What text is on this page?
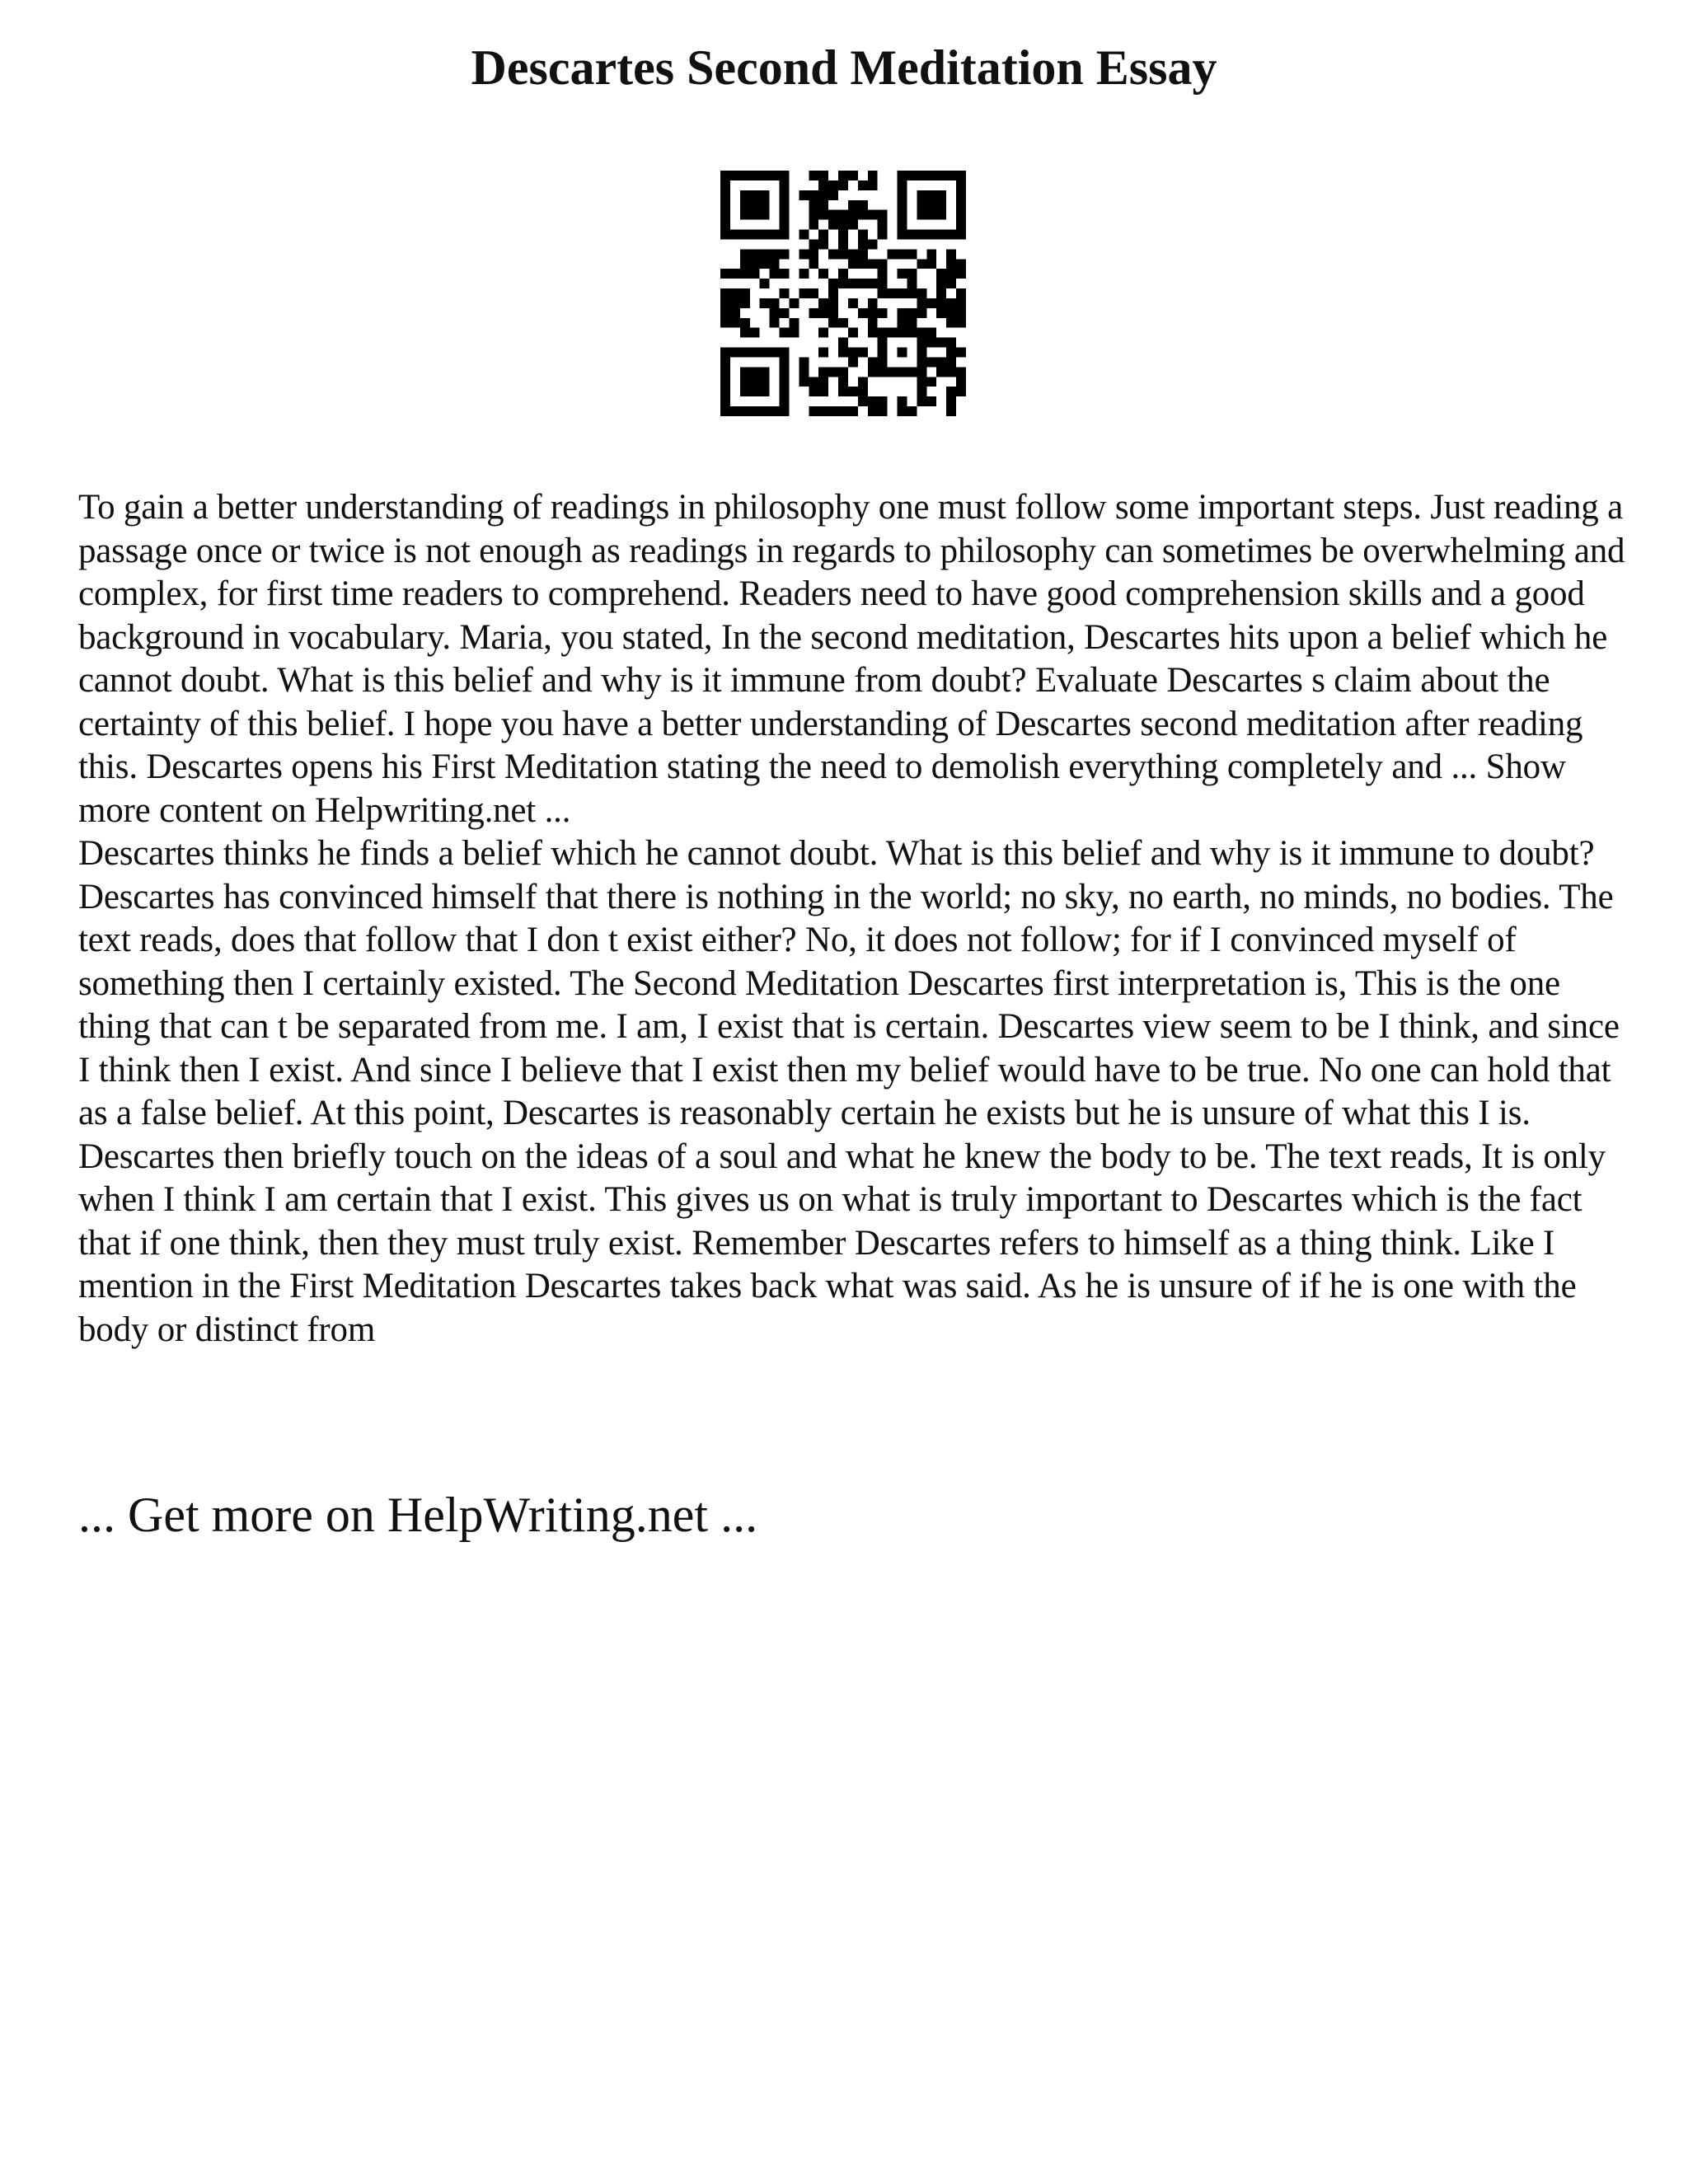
Descartes Second Meditation Essay

To gain a better understanding of readings in philosophy one must follow some important steps. Just reading a passage once or twice is not enough as readings in regards to philosophy can sometimes be overwhelming and complex, for first time readers to comprehend. Readers need to have good comprehension skills and a good background in vocabulary. Maria, you stated, In the second meditation, Descartes hits upon a belief which he cannot doubt. What is this belief and why is it immune from doubt? Evaluate Descartes s claim about the certainty of this belief. I hope you have a better understanding of Descartes second meditation after reading this. Descartes opens his First Meditation stating the need to demolish everything completely and ... Show more content on Helpwriting.net ...

Descartes thinks he finds a belief which he cannot doubt. What is this belief and why is it immune to doubt? Descartes has convinced himself that there is nothing in the world; no sky, no earth, no minds, no bodies. The text reads, does that follow that I don t exist either? No, it does not follow; for if I convinced myself of something then I certainly existed. The Second Meditation Descartes first interpretation is, This is the one thing that can t be separated from me. I am, I exist that is certain. Descartes view seem to be I think, and since I think then I exist. And since I believe that I exist then my belief would have to be true. No one can hold that as a false belief. At this point, Descartes is reasonably certain he exists but he is unsure of what this I is. Descartes then briefly touch on the ideas of a soul and what he knew the body to be. The text reads, It is only when I think I am certain that I exist. This gives us on what is truly important to Descartes which is the fact that if one think, then they must truly exist. Remember Descartes refers to himself as a thing think. Like I mention in the First Meditation Descartes takes back what was said. As he is unsure of if he is one with the body or distinct from

... Get more on HelpWriting.net ...
